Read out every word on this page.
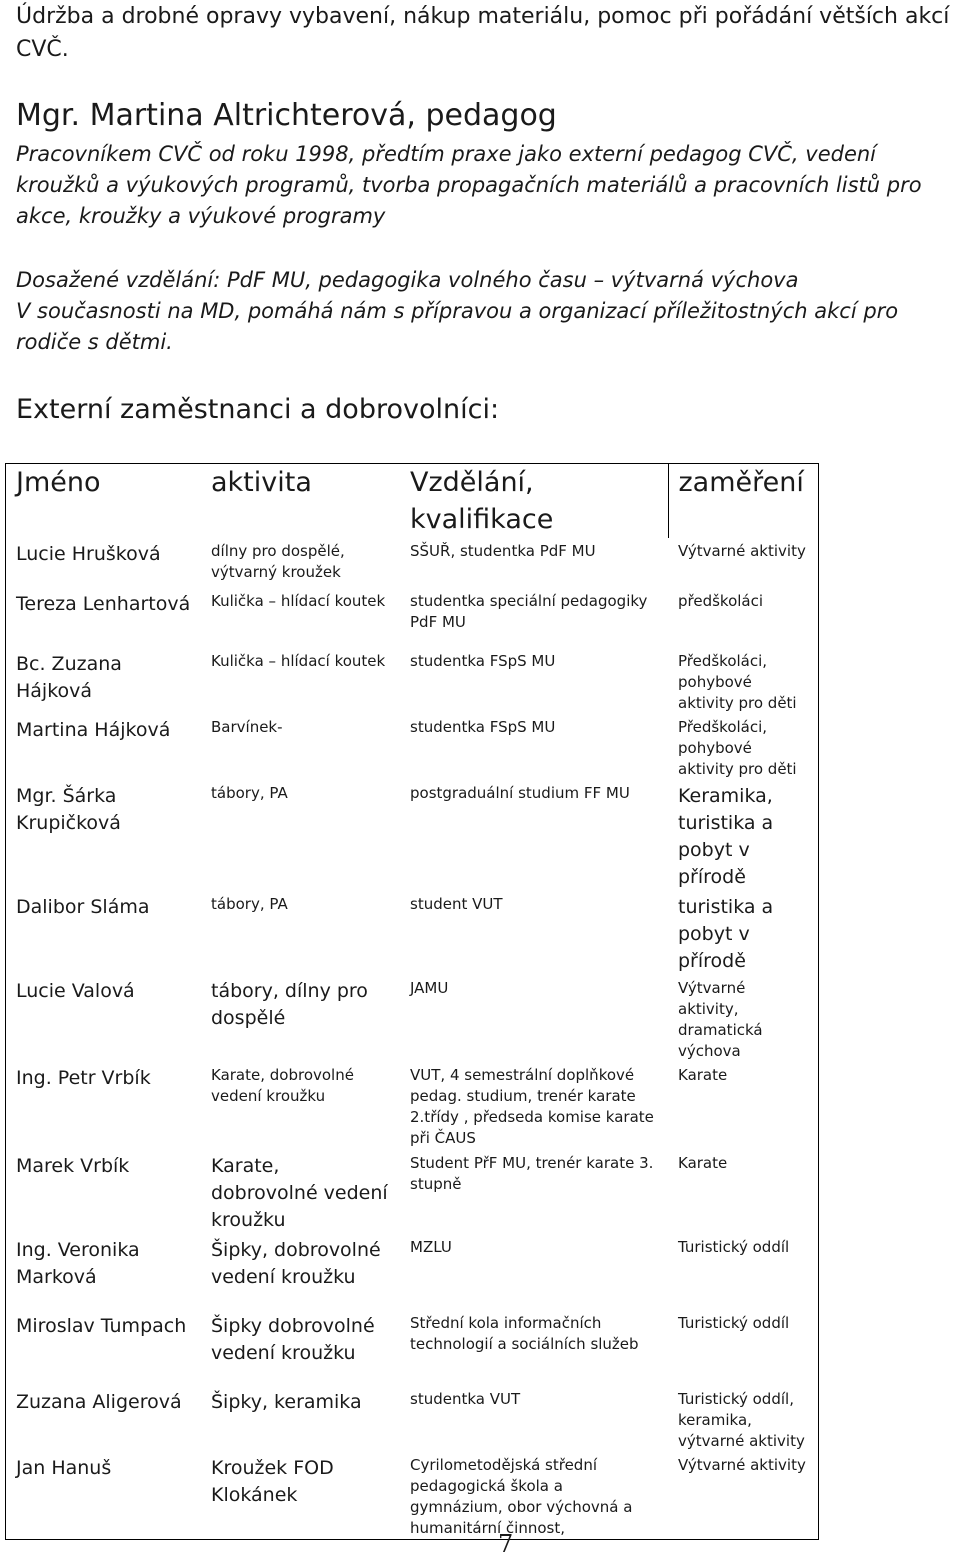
Údržba a drobné opravy vybavení, nákup materiálu, pomoc při pořádání větších akcí
CVČ.
Mgr. Martina Altrichterová, pedagog
Pracovníkem CVČ od roku 1998, předtím praxe jako externí pedagog CVČ, vedení kroužků a výukových programů, tvorba propagačních materiálů a pracovních listů pro akce, kroužky a výukové programy
Dosažené vzdělání: PdF MU, pedagogika volného času – výtvarná výchova
V současnosti na MD, pomáhá nám s přípravou a organizací příležitostných akcí pro rodiče s dětmi.
Externí zaměstnanci a dobrovolníci:
Jméno	aktivita	Vzdělání, kvalifikace	zaměření
Lucie Hrušková	dílny pro dospělé, výtvarný kroužek	SŠUŘ, studentka PdF MU	Výtvarné aktivity
Tereza Lenhartová	Kulička – hlídací koutek	studentka speciální pedagogiky PdF MU	předškoláci
Bc. Zuzana Hájková	Kulička – hlídací koutek	studentka FSpS MU	Předškoláci, pohybové aktivity pro děti
Martina Hájková	Barvínek-	studentka FSpS MU	Předškoláci, pohybové aktivity pro děti
Mgr. Šárka Krupičková	tábory, PA	postgraduální studium FF MU	Keramika, turistika a pobyt v přírodě
Dalibor Sláma	tábory, PA	student VUT	turistika a pobyt v přírodě
Lucie Valová	tábory, dílny pro dospělé	JAMU	Výtvarné aktivity, dramatická výchova
Ing. Petr Vrbík	Karate, dobrovolné vedení kroužku	VUT, 4 semestrální doplňkové pedag. studium, trenér karate 2.třídy , předseda komise karate při ČAUS	Karate
Marek Vrbík	Karate, dobrovolné vedení kroužku	Student PřF MU, trenér karate 3. stupně	Karate
Ing. Veronika Marková	Šipky, dobrovolné vedení kroužku	MZLU	Turistický oddíl
Miroslav Tumpach	Šipky dobrovolné vedení kroužku	Střední kola informačních technologií a sociálních služeb	Turistický oddíl
Zuzana Aligerová	Šipky, keramika	studentka VUT	Turistický oddíl, keramika, výtvarné aktivity
Jan Hanuš	Kroužek FOD Klokánek	Cyrilometodějská střední pedagogická škola a gymnázium, obor výchovná a humanitární činnost,	Výtvarné aktivity
7
